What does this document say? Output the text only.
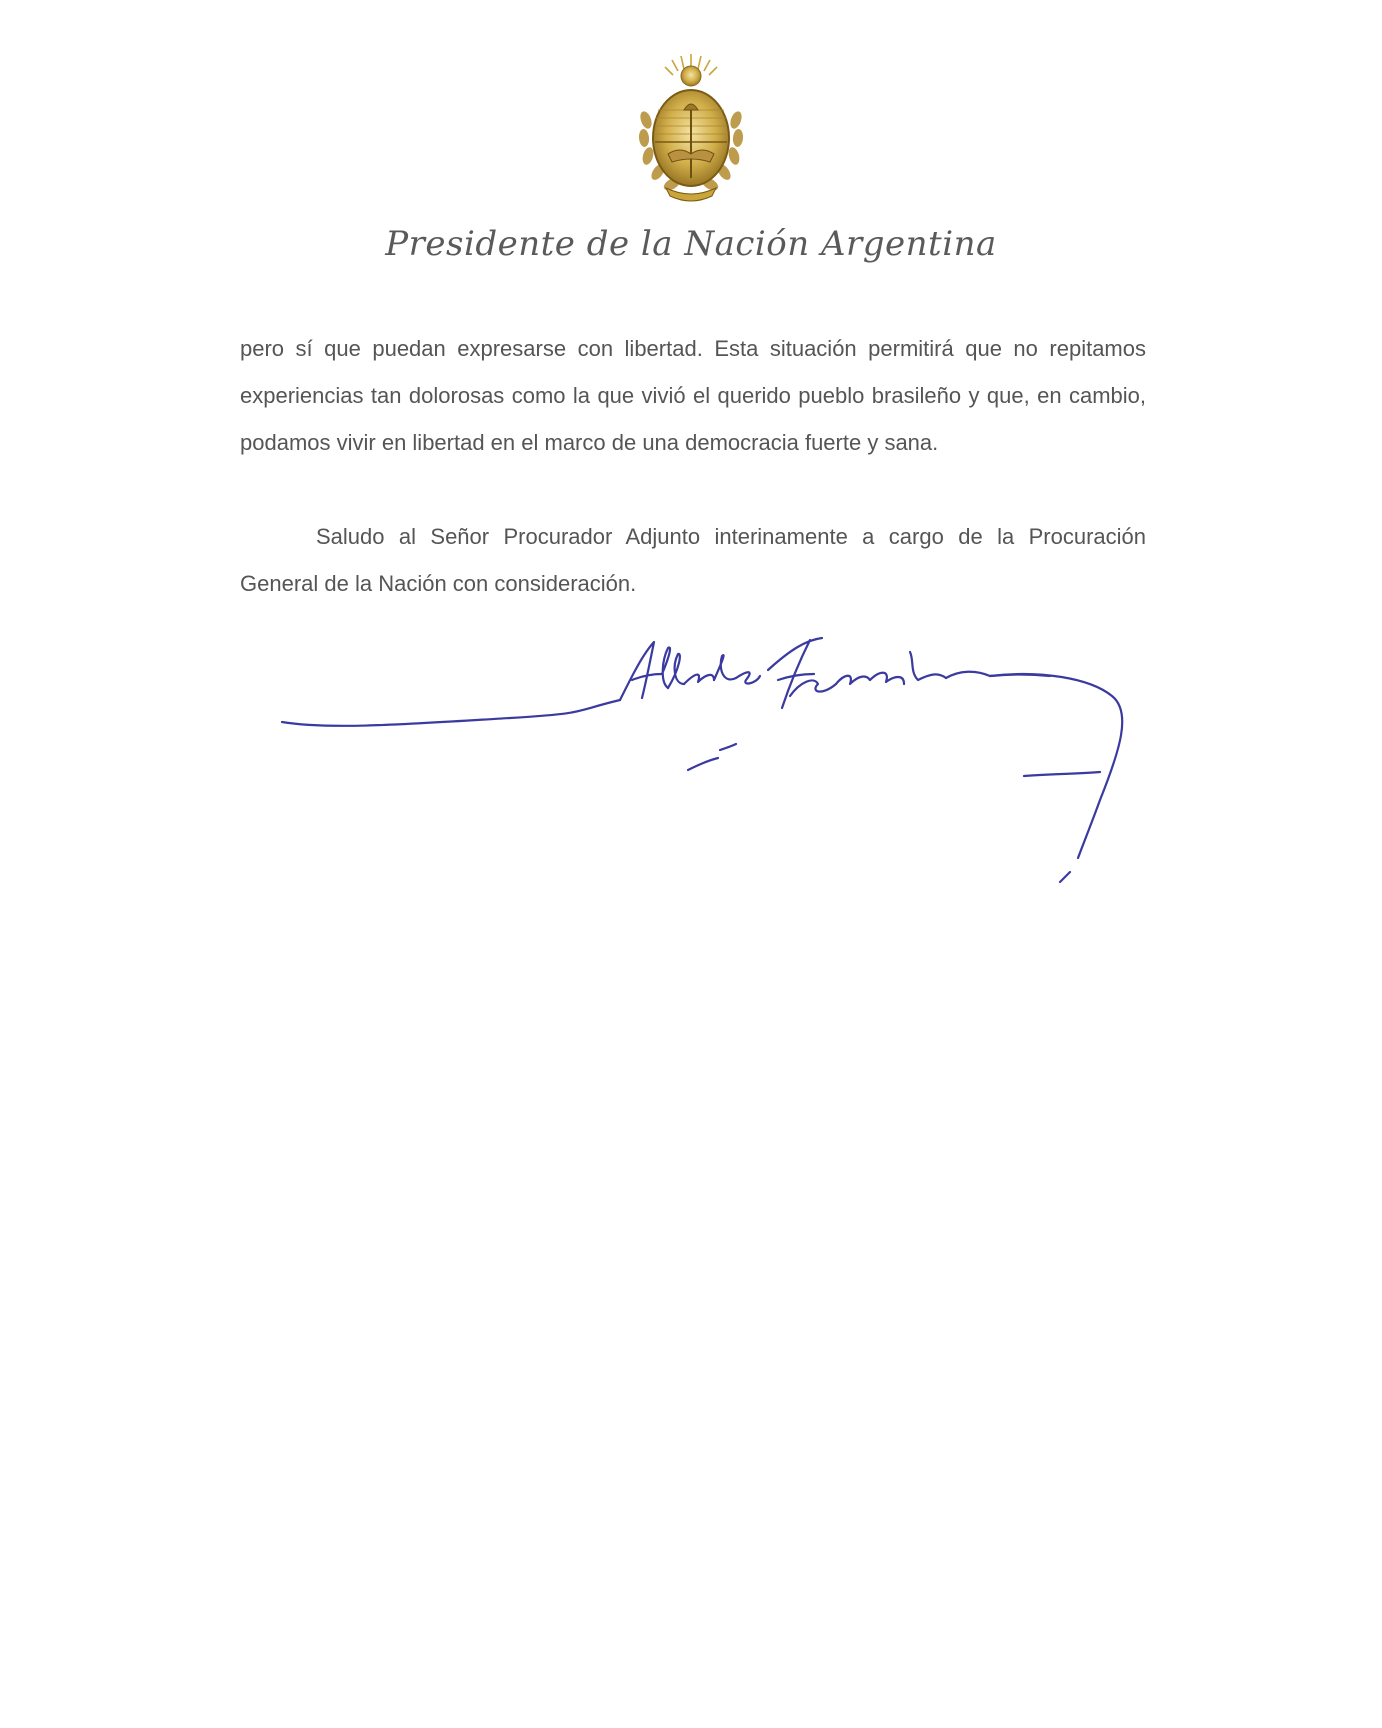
Presidente de la Nación Argentina
pero sí que puedan expresarse con libertad. Esta situación permitirá que no repitamos experiencias tan dolorosas como la que vivió el querido pueblo brasileño y que, en cambio, podamos vivir en libertad en el marco de una democracia fuerte y sana.
Saludo al Señor Procurador Adjunto interinamente a cargo de la Procuración General de la Nación con consideración.
